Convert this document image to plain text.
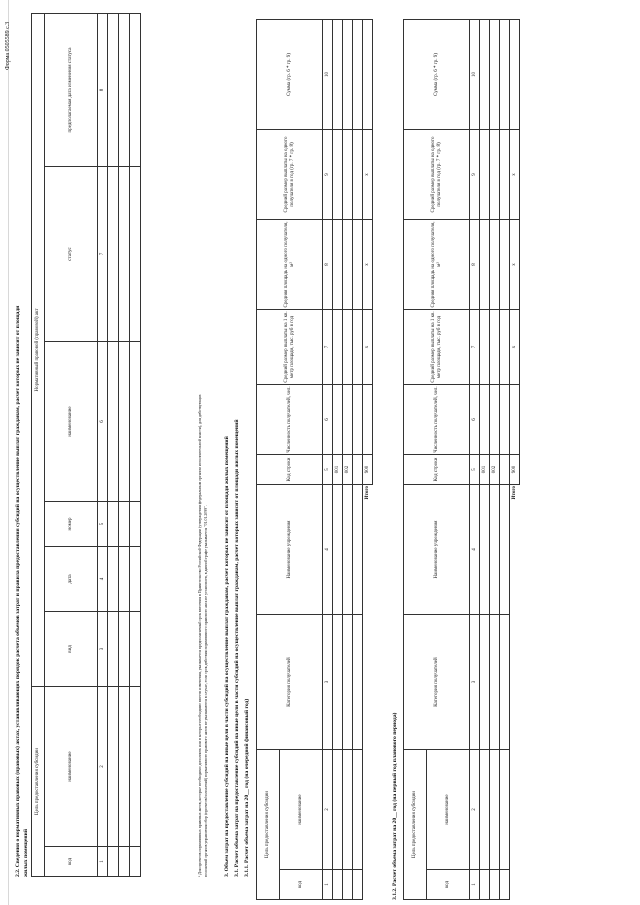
Форма 0505589 с.3
2.2. Сведения о нормативных правовых (правовых) актах, устанавливающих порядок расчета объемов затрат и правила предоставления субсидий на осуществление выплат гражданам, расчет которых не зависит от площади жилых помещений
Цель предоставления субсидии		Нормативный правовой (правовой) акт					
код	наименование	вид	дата	номер	наименование	статус	предполагаемая дата изменения статуса
1	2	3	4	5	6	7	8

² Для проектов нормативных правовых актов, которые необходимо дополнить или в которые необходимо внести изменения, указывается предполагаемый срок внесения в Правительство Российской Федерации (утверждения федеральным органом исполнительной власти), для действующих положений органов управления сбор (проектов/положений) нормативного правового актов не указываются в случае, если срок действия нормативного правового акта не установлен, в данной графе указывается "01.01.2099".	3. Объем затрат на предоставление субсидий на иные цели в части субсидий на осуществление выплат гражданам, расчет которых не зависит от площади жилых помещений 3.1. Расчет объема затрат на предоставление субсидий на иные цели в части субсидий на осуществление выплат гражданам, расчет которых зависит от площади жилых помещений 3.1.1. Расчет объема затрат на 20__ год (на очередной финансовый год)	Цель предоставления субсидии		Категория получателей	Наименование учреждения	Код строки	Численность получателей, чел.	Средний размер выплаты на 1 кв. метр площади, тыс. руб в год	Средняя площадь на одного получателя, м²	Средний размер выплаты на одного получателя в год (гр. 7 * гр. 8)	Сумма (гр. 6 * гр. 9)
код	наименование								
1	2	3	4	5	6	7	8	9	10
				001					
				002					

			Итого	900		x	x	x	
3.1.2. Расчет объема затрат на 20__ год (на первый год планового периода)	Цель предоставления субсидии		Категория получателей	Наименование учреждения	Код строки	Численность получателей, чел.	Средний размер выплаты на 1 кв. метр площади, тыс. руб в год	Средняя площадь на одного получателя, м²	Средний размер выплаты на одного получателя в год (гр. 7 * гр. 8)	Сумма (гр. 6 * гр. 9)
код	наименование								
1	2	3	4	5	6	7	8	9	10
				001					
				002					

			Итого	900		x	x	x	
